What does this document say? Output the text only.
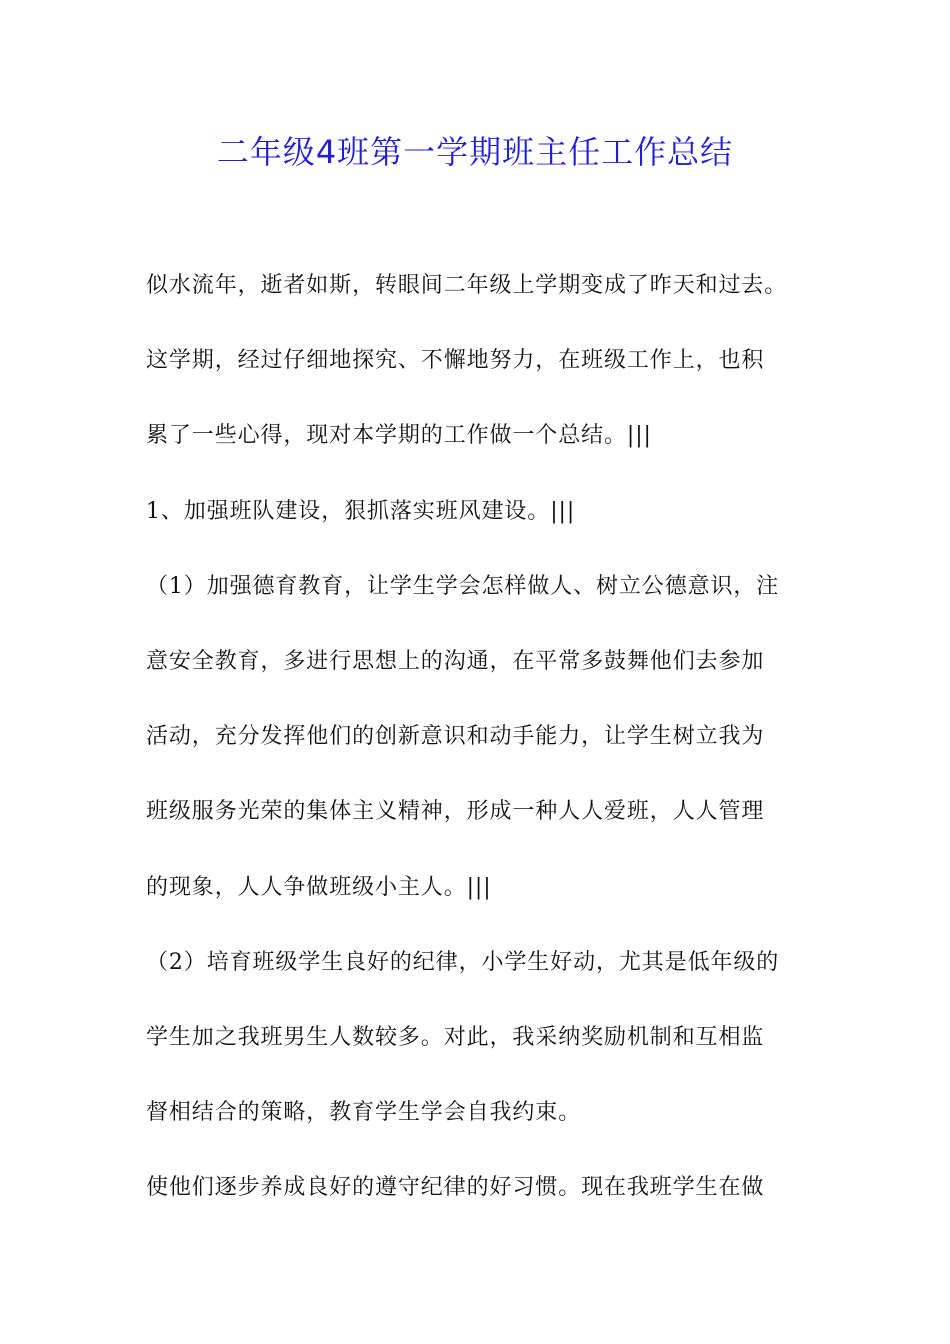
二年级4班第一学期班主任工作总结
似水流年，逝者如斯，转眼间二年级上学期变成了昨天和过去。
这学期，经过仔细地探究、不懈地努力，在班级工作上，也积
累了一些心得，现对本学期的工作做一个总结。|||
1、加强班队建设，狠抓落实班风建设。|||
（1）加强德育教育，让学生学会怎样做人、树立公德意识，注
意安全教育，多进行思想上的沟通，在平常多鼓舞他们去参加
活动，充分发挥他们的创新意识和动手能力，让学生树立我为
班级服务光荣的集体主义精神，形成一种人人爱班，人人管理
的现象，人人争做班级小主人。|||
（2）培育班级学生良好的纪律，小学生好动，尤其是低年级的
学生加之我班男生人数较多。对此，我采纳奖励机制和互相监
督相结合的策略，教育学生学会自我约束。
使他们逐步养成良好的遵守纪律的好习惯。现在我班学生在做
